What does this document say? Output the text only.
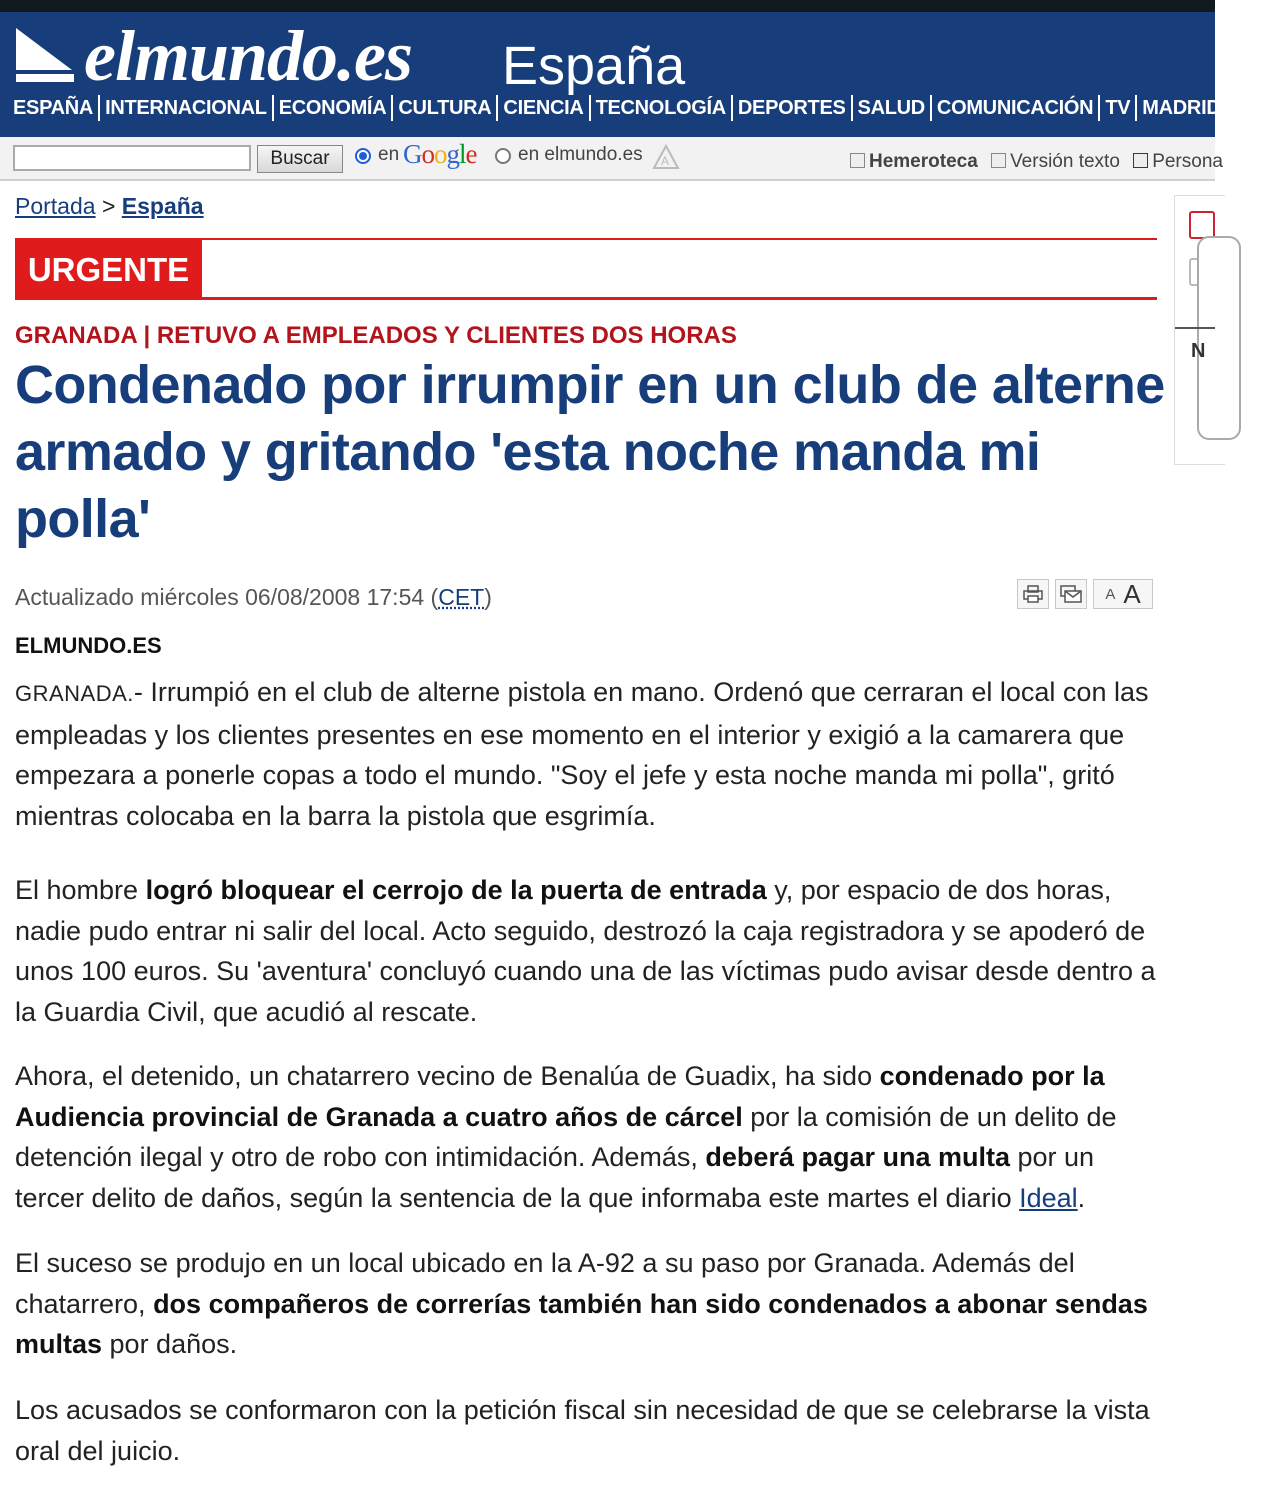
elmundo.es España
ESPAÑA INTERNACIONAL ECONOMÍA CULTURA CIENCIA TECNOLOGÍA DEPORTES SALUD COMUNICACIÓN TV MADRID BCN
Buscar	en Google en elmundo.es A	Hemeroteca Versión texto Persona
Portada > España
URGENTE
GRANADA | RETUVO A EMPLEADOS Y CLIENTES DOS HORAS
Condenado por irrumpir en un club de alterne armado y gritando 'esta noche manda mi polla'
Actualizado miércoles 06/08/2008 17:54 (CET)	A A
ELMUNDO.ES

GRANADA.- Irrumpió en el club de alterne pistola en mano. Ordenó que cerraran el local con las empleadas y los clientes presentes en ese momento en el interior y exigió a la camarera que empezara a ponerle copas a todo el mundo. "Soy el jefe y esta noche manda mi polla", gritó mientras colocaba en la barra la pistola que esgrimía.

El hombre logró bloquear el cerrojo de la puerta de entrada y, por espacio de dos horas, nadie pudo entrar ni salir del local. Acto seguido, destrozó la caja registradora y se apoderó de unos 100 euros. Su 'aventura' concluyó cuando una de las víctimas pudo avisar desde dentro a la Guardia Civil, que acudió al rescate.

Ahora, el detenido, un chatarrero vecino de Benalúa de Guadix, ha sido condenado por la Audiencia provincial de Granada a cuatro años de cárcel por la comisión de un delito de detención ilegal y otro de robo con intimidación. Además, deberá pagar una multa por un tercer delito de daños, según la sentencia de la que informaba este martes el diario Ideal.

El suceso se produjo en un local ubicado en la A-92 a su paso por Granada. Además del chatarrero, dos compañeros de correrías también han sido condenados a abonar sendas multas por daños.

Los acusados se conformaron con la petición fiscal sin necesidad de que se celebrarse la vista oral del juicio.

N
